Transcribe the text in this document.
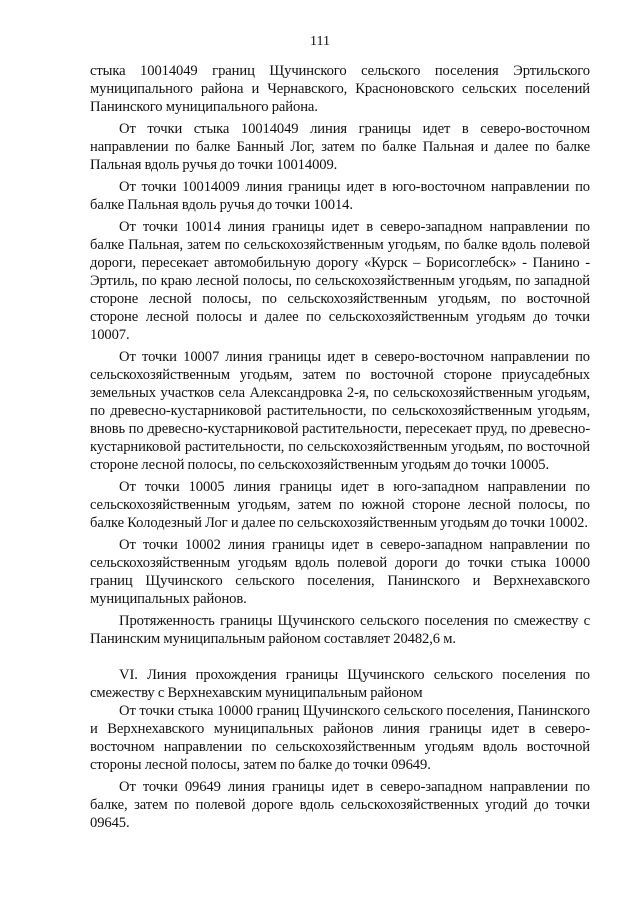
111

стыка 10014049 границ Щучинского сельского поселения Эртильского муниципального района и Чернавского, Красноновского сельских поселений Панинского муниципального района.

От точки стыка 10014049 линия границы идет в северо-восточном направлении по балке Банный Лог, затем по балке Пальная и далее по балке Пальная вдоль ручья до точки 10014009.

От точки 10014009 линия границы идет в юго-восточном направлении по балке Пальная вдоль ручья до точки 10014.

От точки 10014 линия границы идет в северо-западном направлении по балке Пальная, затем по сельскохозяйственным угодьям, по балке вдоль полевой дороги, пересекает автомобильную дорогу «Курск – Борисоглебск» - Панино - Эртиль, по краю лесной полосы, по сельскохозяйственным угодьям, по западной стороне лесной полосы, по сельскохозяйственным угодьям, по восточной стороне лесной полосы и далее по сельскохозяйственным угодьям до точки 10007.

От точки 10007 линия границы идет в северо-восточном направлении по сельскохозяйственным угодьям, затем по восточной стороне приусадебных земельных участков села Александровка 2-я, по сельскохозяйственным угодьям, по древесно-кустарниковой растительности, по сельскохозяйственным угодьям, вновь по древесно-кустарниковой растительности, пересекает пруд, по древесно-кустарниковой растительности, по сельскохозяйственным угодьям, по восточной стороне лесной полосы, по сельскохозяйственным угодьям до точки 10005.

От точки 10005 линия границы идет в юго-западном направлении по сельскохозяйственным угодьям, затем по южной стороне лесной полосы, по балке Колодезный Лог и далее по сельскохозяйственным угодьям до точки 10002.

От точки 10002 линия границы идет в северо-западном направлении по сельскохозяйственным угодьям вдоль полевой дороги до точки стыка 10000 границ Щучинского сельского поселения, Панинского и Верхнехавского муниципальных районов.

Протяженность границы Щучинского сельского поселения по смежеству с Панинским муниципальным районом составляет 20482,6 м.

VI. Линия прохождения границы Щучинского сельского поселения по смежеству с Верхнехавским муниципальным районом

От точки стыка 10000 границ Щучинского сельского поселения, Панинского и Верхнехавского муниципальных районов линия границы идет в северо-восточном направлении по сельскохозяйственным угодьям вдоль восточной стороны лесной полосы, затем по балке до точки 09649.

От точки 09649 линия границы идет в северо-западном направлении по балке, затем по полевой дороге вдоль сельскохозяйственных угодий до точки 09645.
